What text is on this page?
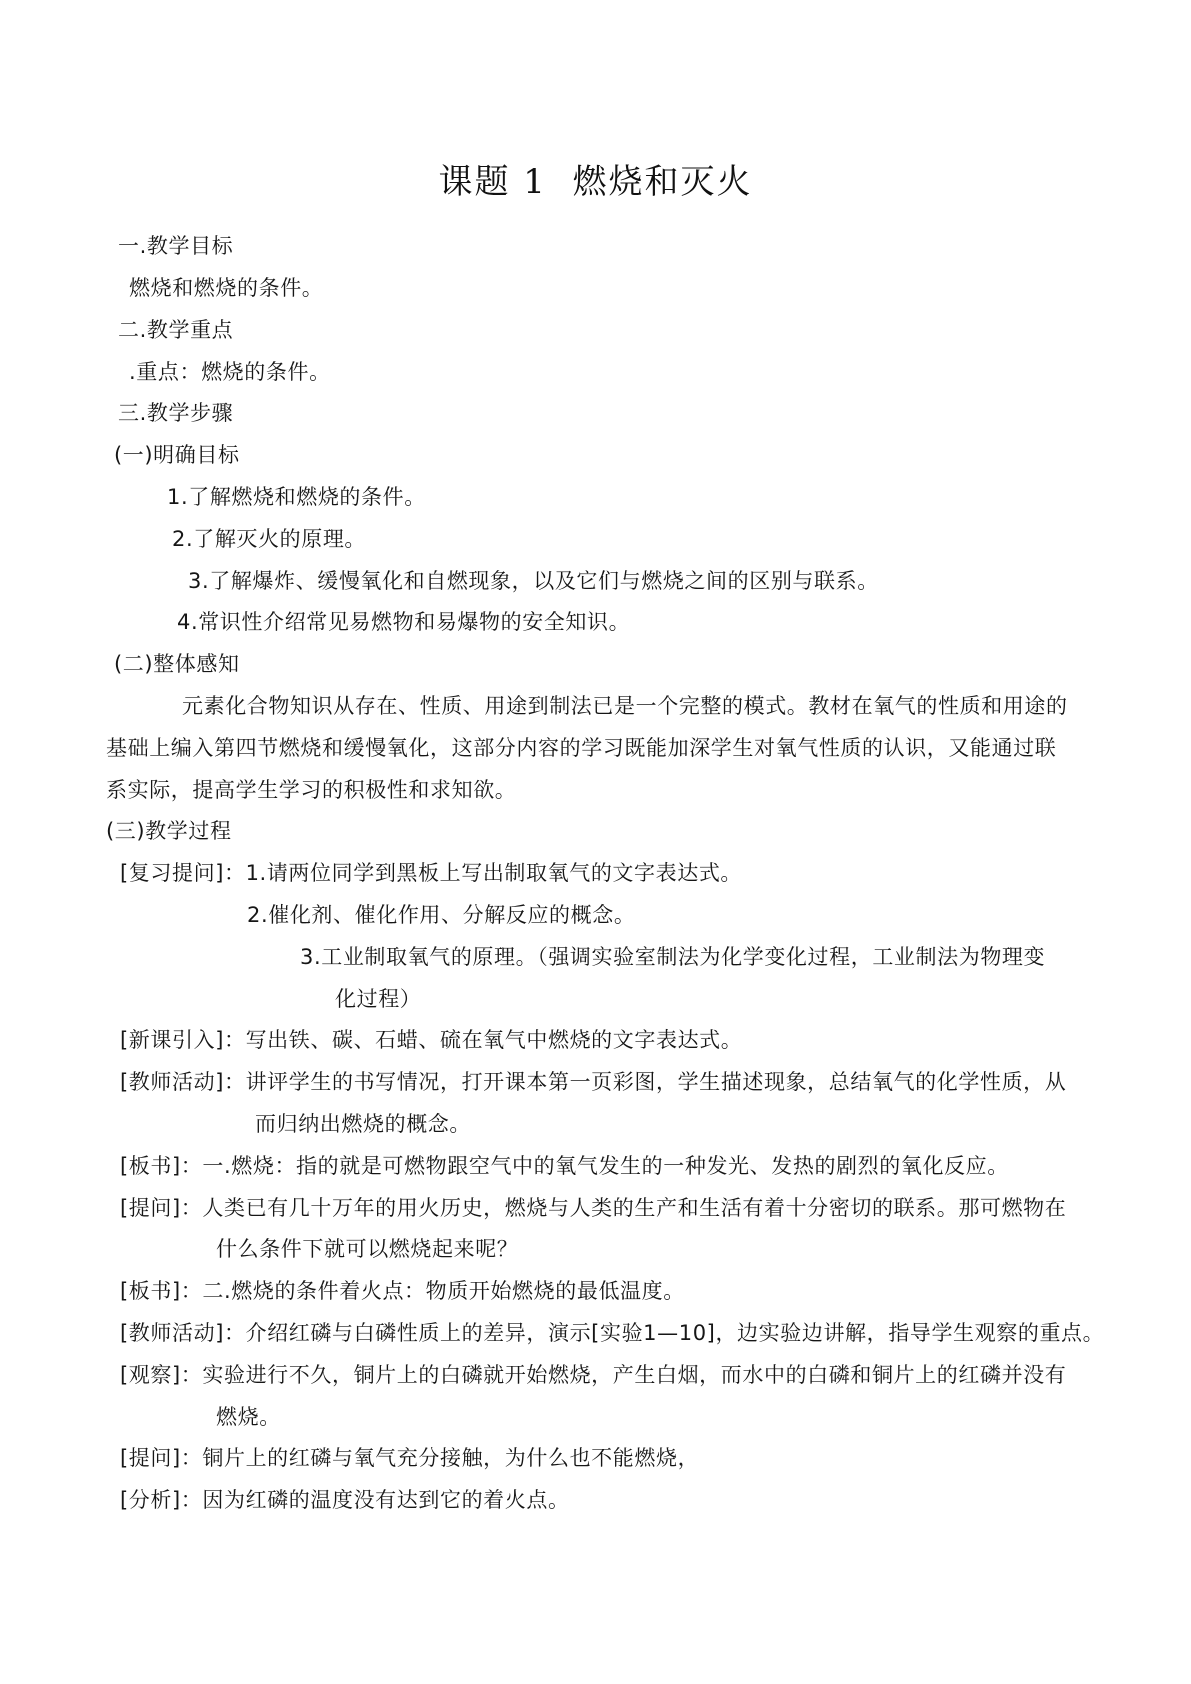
课题 1  燃烧和灭火
一.教学目标
燃烧和燃烧的条件。
二.教学重点
.重点：燃烧的条件。
三.教学步骤
(一)明确目标
1.了解燃烧和燃烧的条件。
2.了解灭火的原理。
3.了解爆炸、缓慢氧化和自燃现象，以及它们与燃烧之间的区别与联系。
4.常识性介绍常见易燃物和易爆物的安全知识。
(二)整体感知
元素化合物知识从存在、性质、用途到制法已是一个完整的模式。教材在氧气的性质和用途的
基础上编入第四节燃烧和缓慢氧化，这部分内容的学习既能加深学生对氧气性质的认识，又能通过联
系实际，提高学生学习的积极性和求知欲。
(三)教学过程
[复习提问]：1.请两位同学到黑板上写出制取氧气的文字表达式。
2.催化剂、催化作用、分解反应的概念。
3.工业制取氧气的原理。（强调实验室制法为化学变化过程，工业制法为物理变
化过程）
[新课引入]：写出铁、碳、石蜡、硫在氧气中燃烧的文字表达式。
[教师活动]：讲评学生的书写情况，打开课本第一页彩图，学生描述现象，总结氧气的化学性质，从
而归纳出燃烧的概念。
[板书]：一.燃烧：指的就是可燃物跟空气中的氧气发生的一种发光、发热的剧烈的氧化反应。
[提问]：人类已有几十万年的用火历史，燃烧与人类的生产和生活有着十分密切的联系。那可燃物在
什么条件下就可以燃烧起来呢？
[板书]：二.燃烧的条件着火点：物质开始燃烧的最低温度。
[教师活动]：介绍红磷与白磷性质上的差异，演示[实验1—10]，边实验边讲解，指导学生观察的重点。
[观察]：实验进行不久，铜片上的白磷就开始燃烧，产生白烟，而水中的白磷和铜片上的红磷并没有
燃烧。
[提问]：铜片上的红磷与氧气充分接触，为什么也不能燃烧，
[分析]：因为红磷的温度没有达到它的着火点。
